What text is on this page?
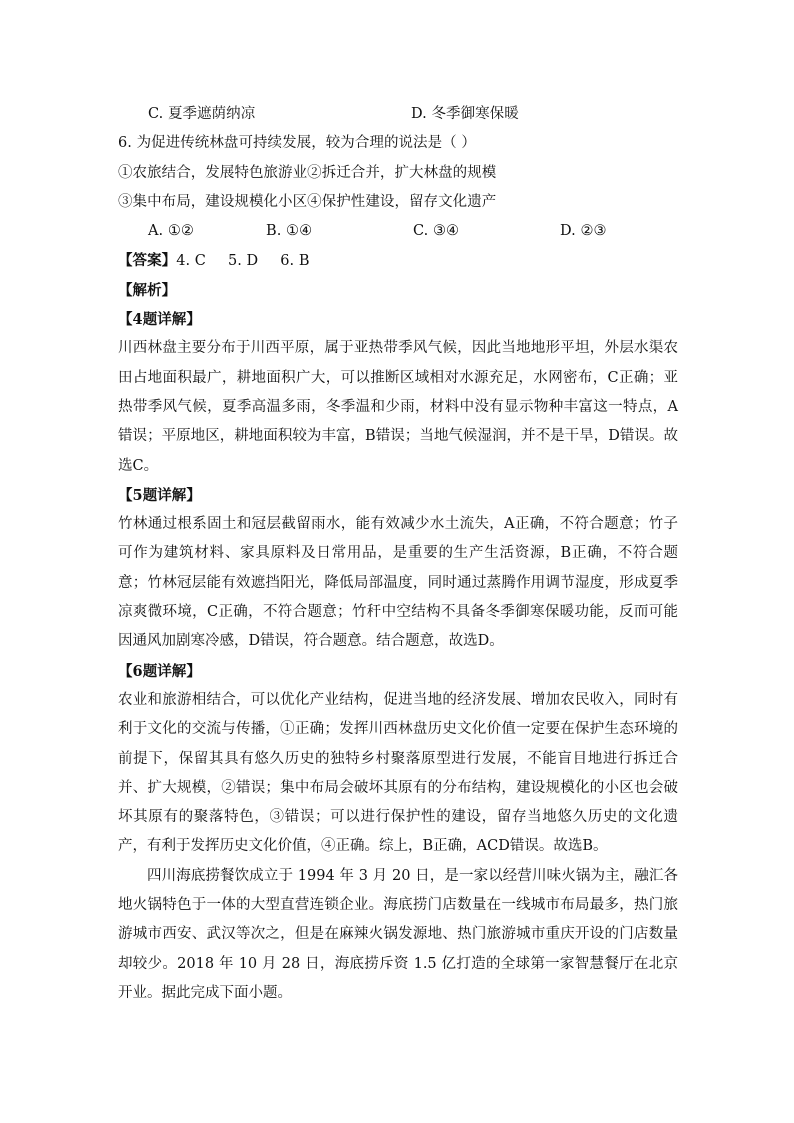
C. 夏季遮荫纳凉	D. 冬季御寒保暖
6. 为促进传统林盘可持续发展，较为合理的说法是（ ）
①农旅结合，发展特色旅游业②拆迁合并，扩大林盘的规模
③集中布局，建设规模化小区④保护性建设，留存文化遗产
A. ①②	B. ①④	C. ③④	D. ②③
【答案】4. C 5. D 6. B
【解析】
【4题详解】

川西林盘主要分布于川西平原，属于亚热带季风气候，因此当地地形平坦，外层水渠农田占地面积最广，耕地面积广大，可以推断区域相对水源充足，水网密布，C正确；亚热带季风气候，夏季高温多雨，冬季温和少雨，材料中没有显示物种丰富这一特点，A错误；平原地区，耕地面积较为丰富，B错误；当地气候湿润，并不是干旱，D错误。故选C。

【5题详解】

竹林通过根系固土和冠层截留雨水，能有效减少水土流失，A正确，不符合题意；竹子可作为建筑材料、家具原料及日常用品，是重要的生产生活资源，B正确，不符合题意；竹林冠层能有效遮挡阳光，降低局部温度，同时通过蒸腾作用调节湿度，形成夏季凉爽微环境，C正确，不符合题意；竹秆中空结构不具备冬季御寒保暖功能，反而可能因通风加剧寒冷感，D错误，符合题意。结合题意，故选D。

【6题详解】

农业和旅游相结合，可以优化产业结构，促进当地的经济发展、增加农民收入，同时有利于文化的交流与传播，①正确；发挥川西林盘历史文化价值一定要在保护生态环境的前提下，保留其具有悠久历史的独特乡村聚落原型进行发展，不能盲目地进行拆迁合并、扩大规模，②错误；集中布局会破坏其原有的分布结构，建设规模化的小区也会破坏其原有的聚落特色，③错误；可以进行保护性的建设，留存当地悠久历史的文化遗产，有利于发挥历史文化价值，④正确。综上，B正确，ACD错误。故选B。

四川海底捞餐饮成立于 1994 年 3 月 20 日，是一家以经营川味火锅为主，融汇各地火锅特色于一体的大型直营连锁企业。海底捞门店数量在一线城市布局最多，热门旅游城市西安、武汉等次之，但是在麻辣火锅发源地、热门旅游城市重庆开设的门店数量却较少。2018 年 10 月 28 日，海底捞斥资 1.5 亿打造的全球第一家智慧餐厅在北京开业。据此完成下面小题。
